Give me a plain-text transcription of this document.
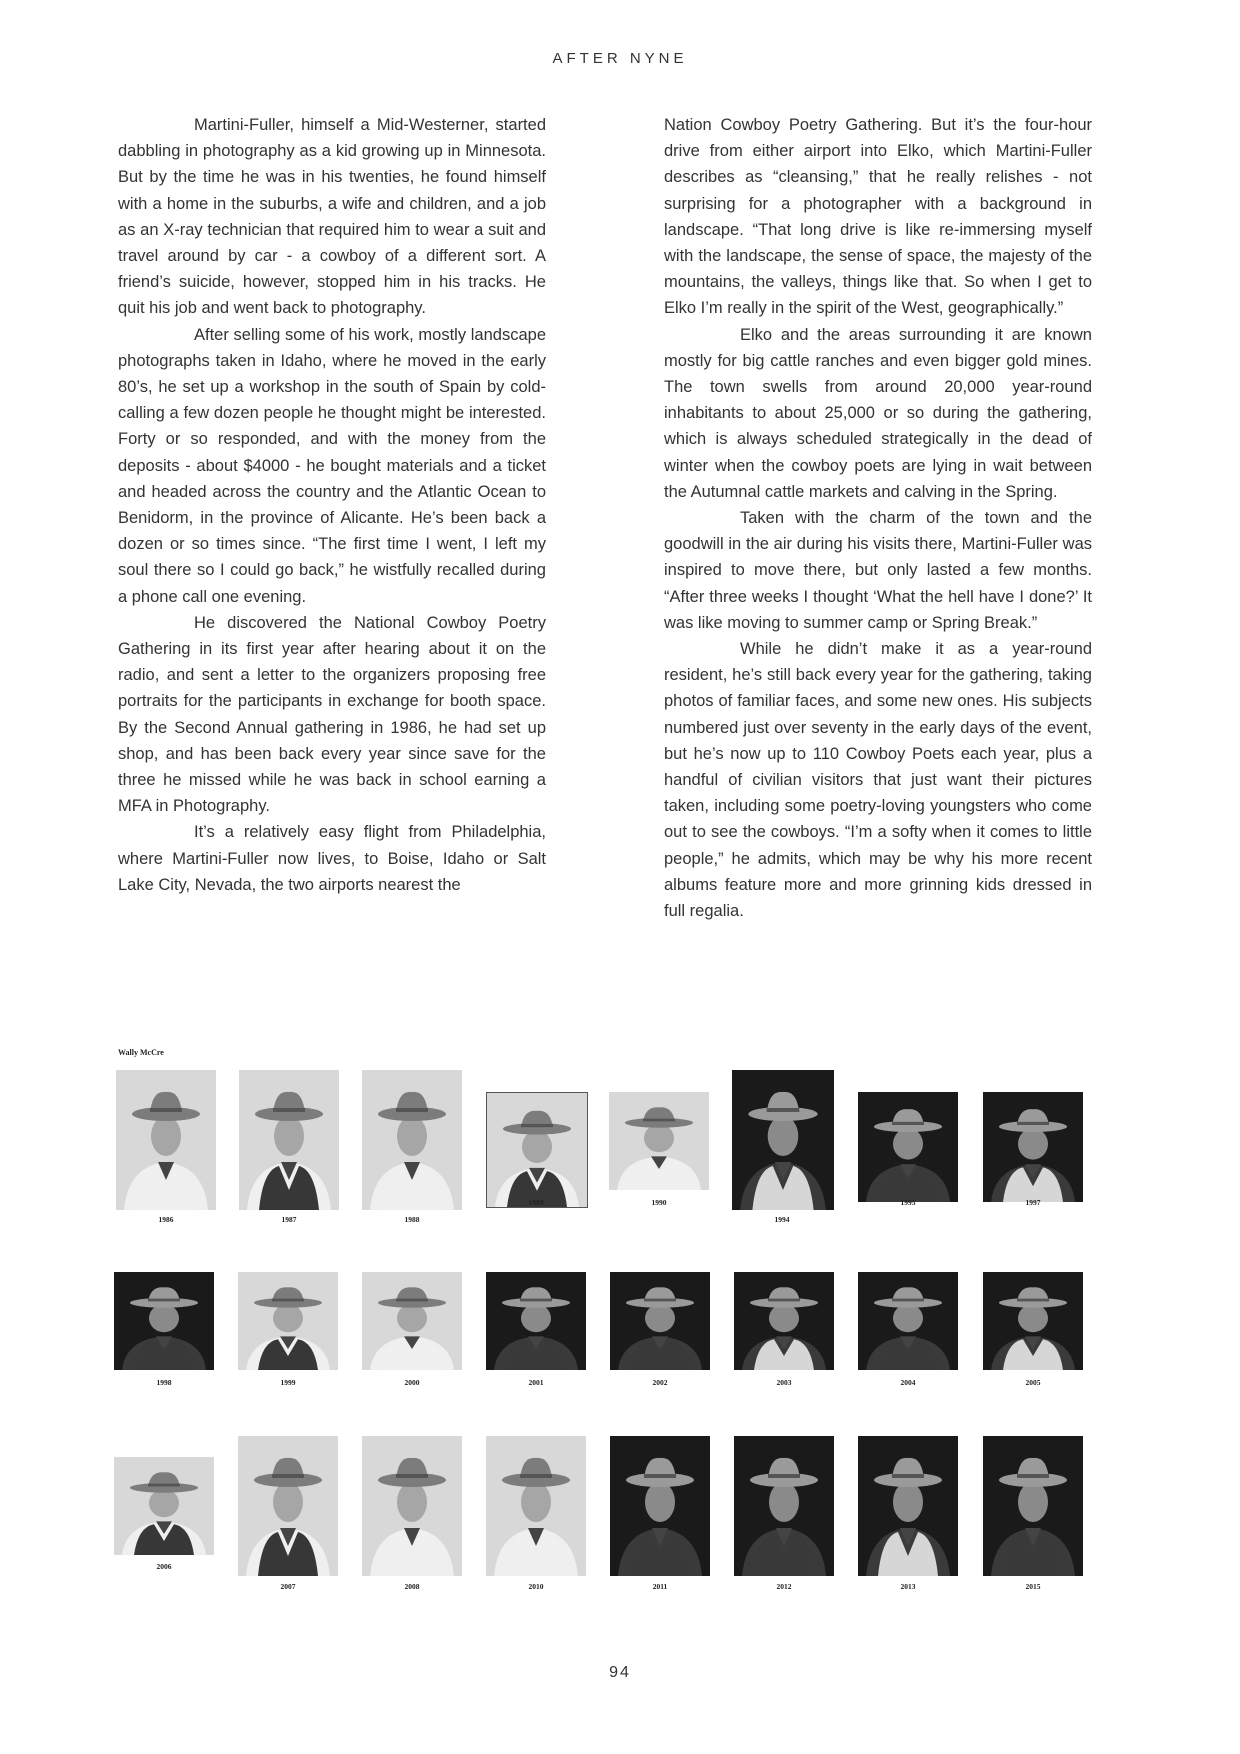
AFTER NYNE

Martini-Fuller, himself a Mid-Westerner, started dabbling in photography as a kid growing up in Minnesota. But by the time he was in his twenties, he found himself with a home in the suburbs, a wife and children, and a job as an X-ray technician that required him to wear a suit and travel around by car - a cowboy of a different sort. A friend’s suicide, however, stopped him in his tracks. He quit his job and went back to photography.

After selling some of his work, mostly landscape photographs taken in Idaho, where he moved in the early 80’s, he set up a workshop in the south of Spain by cold-calling a few dozen people he thought might be interested. Forty or so responded, and with the money from the deposits - about $4000 - he bought materials and a ticket and headed across the country and the Atlantic Ocean to Benidorm, in the province of Alicante. He’s been back a dozen or so times since. “The first time I went, I left my soul there so I could go back,” he wistfully recalled during a phone call one evening.

He discovered the National Cowboy Poetry Gathering in its first year after hearing about it on the radio, and sent a letter to the organizers proposing free portraits for the participants in exchange for booth space. By the Second Annual gathering in 1986, he had set up shop, and has been back every year since save for the three he missed while he was back in school earning a MFA in Photography.

It’s a relatively easy flight from Philadelphia, where Martini-Fuller now lives, to Boise, Idaho or Salt Lake City, Nevada, the two airports nearest the

Nation Cowboy Poetry Gathering. But it’s the four-hour drive from either airport into Elko, which Martini-Fuller describes as “cleansing,” that he really relishes - not surprising for a photographer with a background in landscape. “That long drive is like re-immersing myself with the landscape, the sense of space, the majesty of the mountains, the valleys, things like that. So when I get to Elko I’m really in the spirit of the West, geographically.”

Elko and the areas surrounding it are known mostly for big cattle ranches and even bigger gold mines. The town swells from around 20,000 year-round inhabitants to about 25,000 or so during the gathering, which is always scheduled strategically in the dead of winter when the cowboy poets are lying in wait between the Autumnal cattle markets and calving in the Spring.

Taken with the charm of the town and the goodwill in the air during his visits there, Martini-Fuller was inspired to move there, but only lasted a few months. “After three weeks I thought ‘What the hell have I done?’ It was like moving to summer camp or Spring Break.”

While he didn’t make it as a year-round resident, he’s still back every year for the gathering, taking photos of familiar faces, and some new ones. His subjects numbered just over seventy in the early days of the event, but he’s now up to 110 Cowboy Poets each year, plus a handful of civilian visitors that just want their pictures taken, including some poetry-loving youngsters who come out to see the cowboys. “I’m a softy when it comes to little people,” he admits, which may be why his more recent albums feature more and more grinning kids dressed in full regalia.

Wally McCre
1986	1987	1988
1989	1990
1994
1995	1997
1998	1999	2000	2001	2002	2003	2004	2005
2006
2007	2008	2010	2011	2012	2013	2015
94
